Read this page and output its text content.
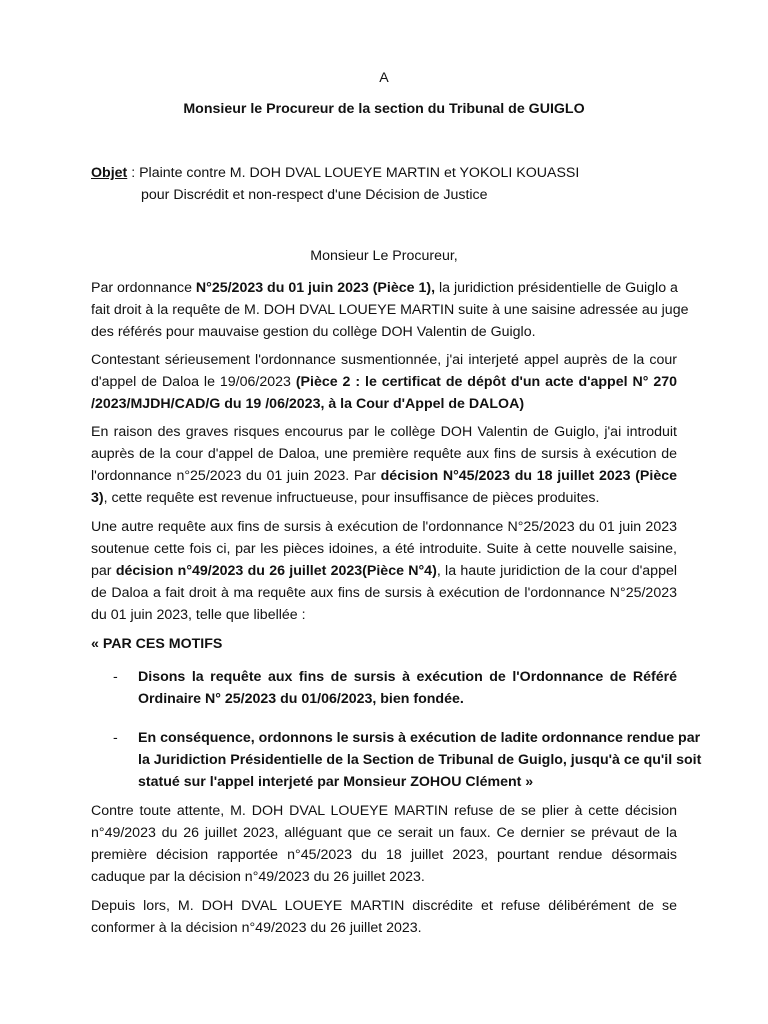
A
Monsieur le Procureur de la section du Tribunal de GUIGLO
Objet : Plainte contre M. DOH DVAL LOUEYE MARTIN et YOKOLI KOUASSI
pour Discrédit et non-respect d'une Décision de Justice
Monsieur Le Procureur,
Par ordonnance N°25/2023 du 01 juin 2023 (Pièce 1), la juridiction présidentielle de Guiglo a
fait droit à la requête de M. DOH DVAL LOUEYE MARTIN suite à une saisine adressée au juge
des référés pour mauvaise gestion du collège DOH Valentin de Guiglo.
Contestant sérieusement l'ordonnance susmentionnée, j'ai interjeté appel auprès de la cour
d'appel de Daloa le 19/06/2023 (Pièce 2 : le certificat de dépôt d'un acte d'appel N° 270
/2023/MJDH/CAD/G du 19 /06/2023, à la Cour d'Appel de DALOA)
En raison des graves risques encourus par le collège DOH Valentin de Guiglo, j'ai introduit
auprès de la cour d'appel de Daloa, une première requête aux fins de sursis à exécution de
l'ordonnance n°25/2023 du 01 juin 2023. Par décision N°45/2023 du 18 juillet 2023 (Pièce
3), cette requête est revenue infructueuse, pour insuffisance de pièces produites.
Une autre requête aux fins de sursis à exécution de l'ordonnance N°25/2023 du 01 juin 2023
soutenue cette fois ci, par les pièces idoines, a été introduite. Suite à cette nouvelle saisine,
par décision n°49/2023 du 26 juillet 2023(Pièce N°4), la haute juridiction de la cour d'appel
de Daloa a fait droit à ma requête aux fins de sursis à exécution de l'ordonnance N°25/2023
du 01 juin 2023, telle que libellée :
« PAR CES MOTIFS
- Disons la requête aux fins de sursis à exécution de l'Ordonnance de Référé
Ordinaire N° 25/2023 du 01/06/2023, bien fondée.
- En conséquence, ordonnons le sursis à exécution de ladite ordonnance rendue par
la Juridiction Présidentielle de la Section de Tribunal de Guiglo, jusqu'à ce qu'il soit
statué sur l'appel interjeté par Monsieur ZOHOU Clément »
Contre toute attente, M. DOH DVAL LOUEYE MARTIN refuse de se plier à cette décision
n°49/2023 du 26 juillet 2023, alléguant que ce serait un faux. Ce dernier se prévaut de la
première décision rapportée n°45/2023 du 18 juillet 2023, pourtant rendue désormais
caduque par la décision n°49/2023 du 26 juillet 2023.
Depuis lors, M. DOH DVAL LOUEYE MARTIN discrédite et refuse délibérément de se
conformer à la décision n°49/2023 du 26 juillet 2023.
